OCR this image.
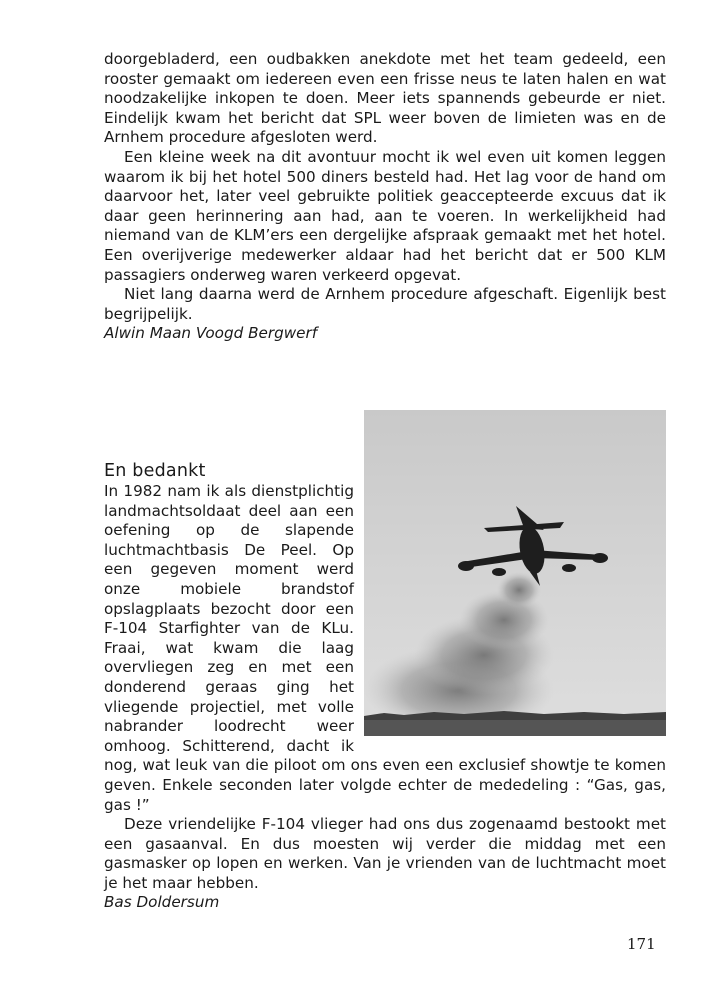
doorgebladerd, een oudbakken anekdote met het team gedeeld, een rooster gemaakt om iedereen even een frisse neus te laten halen en wat noodzakelijke inkopen te doen. Meer iets spannends gebeurde er niet. Eindelijk kwam het bericht dat SPL weer boven de limieten was en de Arnhem procedure afgesloten werd.

Een kleine week na dit avontuur mocht ik wel even uit komen leggen waarom ik bij het hotel 500 diners besteld had. Het lag voor de hand om daarvoor het, later veel gebruikte politiek geaccepteerde excuus dat ik daar geen herinnering aan had, aan te voeren. In werkelijkheid had niemand van de KLM’ers een dergelijke afspraak gemaakt met het hotel. Een overijverige medewerker aldaar had het bericht dat er 500 KLM passagiers onderweg waren verkeerd opgevat.

Niet lang daarna werd de Arnhem procedure afgeschaft. Eigenlijk best begrijpelijk.

Alwin Maan Voogd Bergwerf

En bedankt

In 1982 nam ik als dienstplichtig landmachtsoldaat deel aan een oefening op de slapende luchtmachtbasis De Peel. Op een gegeven moment werd onze mobiele brandstof opslagplaats bezocht door een F-104 Starfighter van de KLu. Fraai, wat kwam die laag overvliegen zeg en met een donderend geraas ging het vliegende projectiel, met volle nabrander loodrecht weer omhoog. Schitterend, dacht ik nog, wat leuk van die piloot om ons even een exclusief showtje te komen geven. Enkele seconden later volgde echter de mededeling : “Gas, gas, gas !”

Deze vriendelijke F-104 vlieger had ons dus zogenaamd bestookt met een gasaanval. En dus moesten wij verder die middag met een gasmasker op lopen en werken. Van je vrienden van de luchtmacht moet je het maar hebben.

Bas Doldersum

171
